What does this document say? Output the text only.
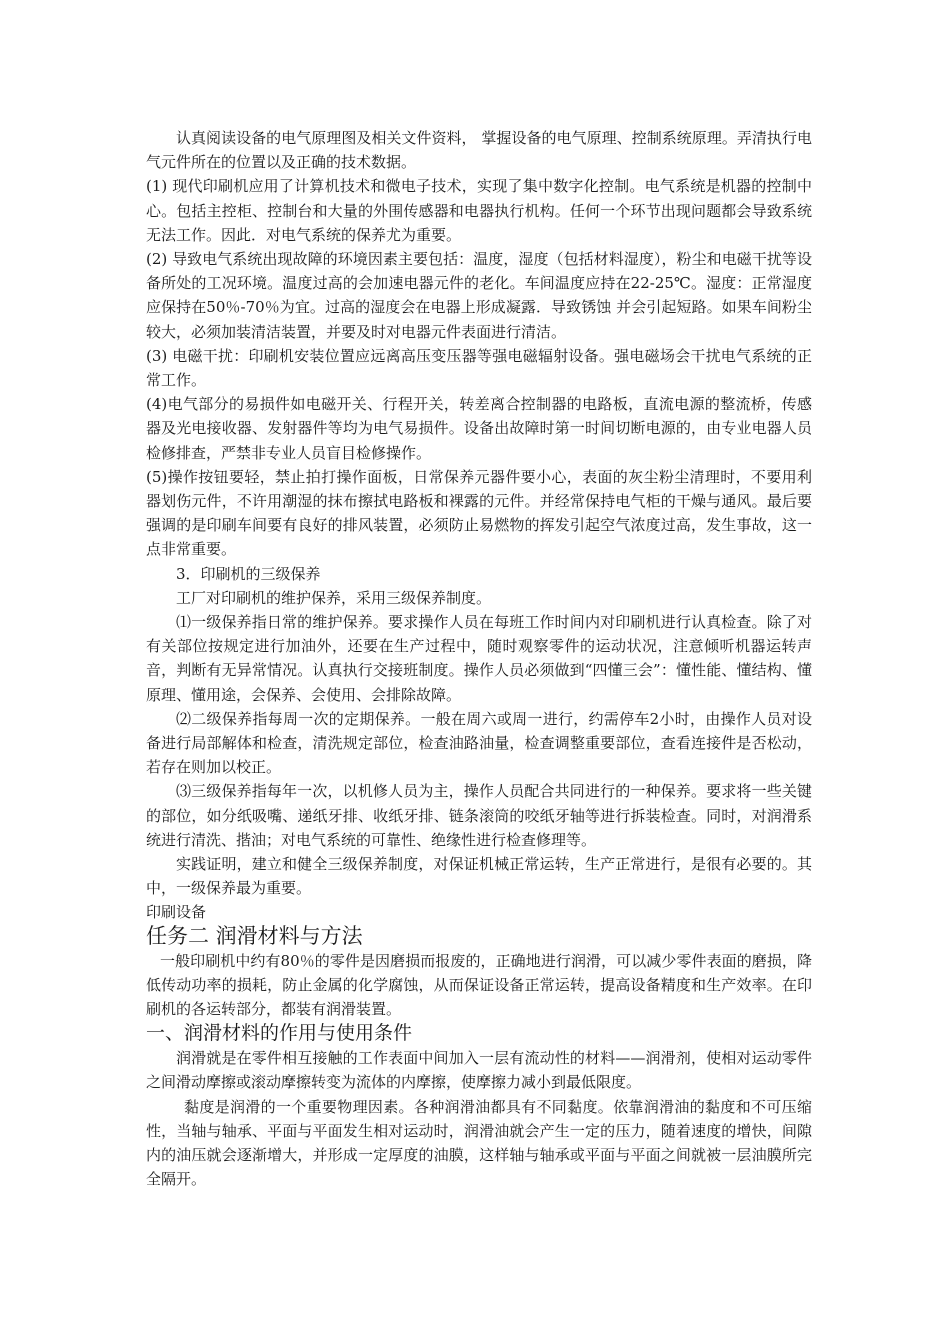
认真阅读设备的电气原理图及相关文件资料， 掌握设备的电气原理、控制系统原理。弄清执行电气元件所在的位置以及正确的技术数据。

(1) 现代印刷机应用了计算机技术和微电子技术，实现了集中数字化控制。电气系统是机器的控制中心。包括主控柜、控制台和大量的外围传感器和电器执行机构。任何一个环节出现问题都会导致系统无法工作。因此．对电气系统的保养尤为重要。

(2) 导致电气系统出现故障的环境因素主要包括：温度，湿度（包括材料湿度），粉尘和电磁干扰等设备所处的工况环境。温度过高的会加速电器元件的老化。车间温度应持在22-25℃。湿度：正常湿度应保持在50％-70％为宜。过高的湿度会在电器上形成凝露．导致锈蚀 并会引起短路。如果车间粉尘较大，必须加装清洁装置，并要及时对电器元件表面进行清洁。

(3) 电磁干扰：印刷机安装位置应远离高压变压器等强电磁辐射设备。强电磁场会干扰电气系统的正常工作。

(4)电气部分的易损件如电磁开关、行程开关，转差离合控制器的电路板，直流电源的整流桥，传感器及光电接收器、发射器件等均为电气易损件。设备出故障时第一时间切断电源的，由专业电器人员检修排查，严禁非专业人员盲目检修操作。

(5)操作按钮要轻，禁止拍打操作面板，日常保养元器件要小心，表面的灰尘粉尘清理时，不要用利器划伤元件，不许用潮湿的抹布擦拭电路板和裸露的元件。并经常保持电气柜的干燥与通风。最后要强调的是印刷车间要有良好的排风装置，必须防止易燃物的挥发引起空气浓度过高，发生事故，这一点非常重要。

3．印刷机的三级保养

工厂对印刷机的维护保养，采用三级保养制度。

⑴一级保养指日常的维护保养。要求操作人员在每班工作时间内对印刷机进行认真检查。除了对有关部位按规定进行加油外，还要在生产过程中，随时观察零件的运动状况，注意倾听机器运转声音，判断有无异常情况。认真执行交接班制度。操作人员必须做到“四懂三会”：懂性能、懂结构、懂原理、懂用途，会保养、会使用、会排除故障。

⑵二级保养指每周一次的定期保养。一般在周六或周一进行，约需停车2小时，由操作人员对设备进行局部解体和检查，清洗规定部位，检查油路油量，检查调整重要部位，查看连接件是否松动，若存在则加以校正。

⑶三级保养指每年一次，以机修人员为主，操作人员配合共同进行的一种保养。要求将一些关键的部位，如分纸吸嘴、递纸牙排、收纸牙排、链条滚筒的咬纸牙轴等进行拆装检查。同时，对润滑系统进行清洗、揩油；对电气系统的可靠性、绝缘性进行检查修理等。

实践证明，建立和健全三级保养制度，对保证机械正常运转，生产正常进行，是很有必要的。其中，一级保养最为重要。

印刷设备

任务二 润滑材料与方法

一般印刷机中约有80％的零件是因磨损而报废的，正确地进行润滑，可以减少零件表面的磨损，降低传动功率的损耗，防止金属的化学腐蚀，从而保证设备正常运转，提高设备精度和生产效率。在印刷机的各运转部分，都装有润滑装置。

一、润滑材料的作用与使用条件

润滑就是在零件相互接触的工作表面中间加入一层有流动性的材料——润滑剂，使相对运动零件之间滑动摩擦或滚动摩擦转变为流体的内摩擦，使摩擦力减小到最低限度。

黏度是润滑的一个重要物理因素。各种润滑油都具有不同黏度。依靠润滑油的黏度和不可压缩性，当轴与轴承、平面与平面发生相对运动时，润滑油就会产生一定的压力，随着速度的增快，间隙内的油压就会逐渐增大，并形成一定厚度的油膜，这样轴与轴承或平面与平面之间就被一层油膜所完全隔开。
